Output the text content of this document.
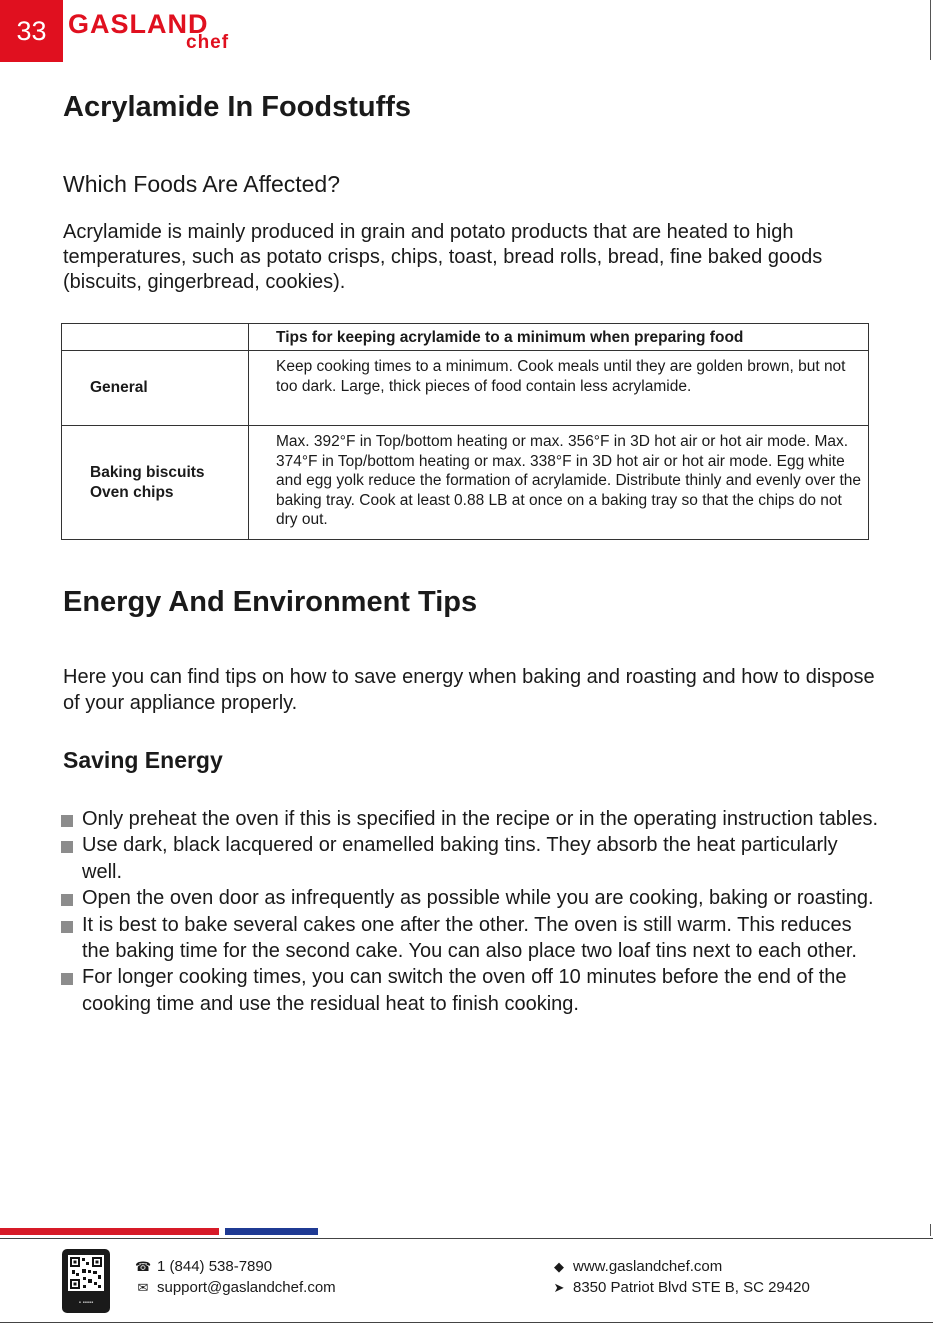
33 GASLAND
chef
Acrylamide In Foodstuffs

Which Foods Are Affected?

Acrylamide is mainly produced in grain and potato products that are heated to high temperatures, such as potato crisps, chips, toast, bread rolls, bread, fine baked goods (biscuits, gingerbread, cookies).

	Tips for keeping acrylamide to a minimum when preparing food
General	Keep cooking times to a minimum. Cook meals until they are golden brown, but not too dark. Large, thick pieces of food contain less acrylamide.
Baking biscuits Oven chips	Max. 392°F in Top/bottom heating or max. 356°F in 3D hot air or hot air mode. Max. 374°F in Top/bottom heating or max. 338°F in 3D hot air or hot air mode. Egg white and egg yolk reduce the formation of acrylamide. Distribute thinly and evenly over the baking tray. Cook at least 0.88 LB at once on a baking tray so that the chips do not dry out.
Energy And Environment Tips

Here you can find tips on how to save energy when baking and roasting and how to dispose of your appliance properly.

Saving Energy
Only preheat the oven if this is specified in the recipe or in the operating instruction tables.
Use dark, black lacquered or enamelled baking tins. They absorb the heat particularly well.
Open the oven door as infrequently as possible while you are cooking, baking or roasting.
It is best to bake several cakes one after the other. The oven is still warm. This reduces the baking time for the second cake. You can also place two loaf tins next to each other.
For longer cooking times, you can switch the oven off 10 minutes before the end of the cooking time and use the residual heat to finish cooking.
▪ ▪▪▪▪▪
☎ 1 (844) 538-7890
✉ support@gaslandchef.com
◆ www.gaslandchef.com
➤ 8350 Patriot Blvd STE B, SC 29420
